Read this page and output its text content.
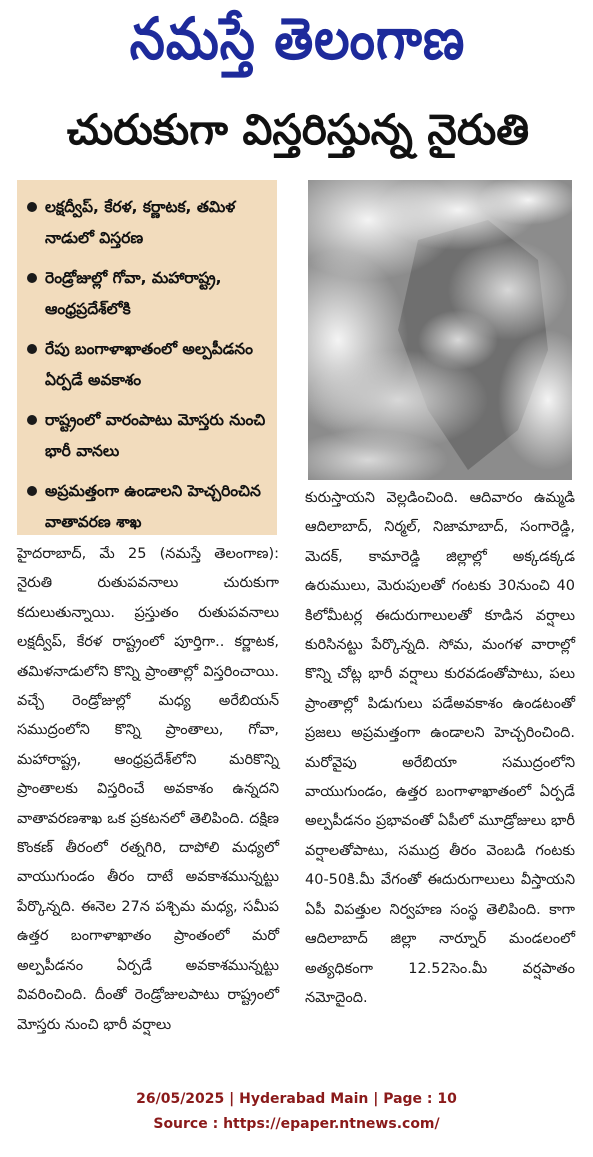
నమస్తే తెలంగాణ
చురుకుగా విస్తరిస్తున్న నైరుతి
లక్షద్వీప్, కేరళ, కర్ణాటక, తమిళ నాడులో విస్తరణ
రెండ్రోజుల్లో గోవా, మహారాష్ట్ర, ఆంధ్రప్రదేశ్‌లోకి
రేపు బంగాళాఖాతంలో అల్పపీడనం ఏర్పడే అవకాశం
రాష్ట్రంలో వారంపాటు మోస్తరు నుంచి భారీ వానలు
అప్రమత్తంగా ఉండాలని హెచ్చరించిన వాతావరణ శాఖ
హైదరాబాద్, మే 25 (నమస్తే తెలంగాణ): నైరుతి రుతుపవనాలు చురుకుగా కదులుతున్నాయి. ప్రస్తుతం రుతుపవనాలు లక్షద్వీప్, కేరళ రాష్ట్రంలో పూర్తిగా.. కర్ణాటక, తమిళనాడులోని కొన్ని ప్రాంతాల్లో విస్తరించాయి. వచ్చే రెండ్రోజుల్లో మధ్య అరేబియన్ సముద్రంలోని కొన్ని ప్రాంతాలు, గోవా, మహారాష్ట్ర, ఆంధ్రప్రదేశ్‌లోని మరికొన్ని ప్రాంతాలకు విస్తరించే అవకాశం ఉన్నదని వాతావరణశాఖ ఒక ప్రకటనలో తెలిపింది. దక్షిణ కొంకణ్ తీరంలో రత్నగిరి, దాపోలి మధ్యలో వాయుగుండం తీరం దాటే అవకాశమున్నట్టు పేర్కొన్నది. ఈనెల 27న పశ్చిమ మధ్య, సమీప ఉత్తర బంగాళాఖాతం ప్రాంతంలో మరో అల్పపీడనం ఏర్పడే అవకాశమున్నట్టు వివరించింది. దీంతో రెండ్రోజులపాటు రాష్ట్రంలో మోస్తరు నుంచి భారీ వర్షాలు
కురుస్తాయని వెల్లడించింది. ఆదివారం ఉమ్మడి ఆదిలాబాద్, నిర్మల్, నిజామాబాద్, సంగారెడ్డి, మెదక్, కామారెడ్డి జిల్లాల్లో అక్కడక్కడ ఉరుములు, మెరుపులతో గంటకు 30నుంచి 40 కిలోమీటర్ల ఈదురుగాలులతో కూడిన వర్షాలు కురిసినట్టు పేర్కొన్నది. సోమ, మంగళ వారాల్లో కొన్ని చోట్ల భారీ వర్షాలు కురవడంతోపాటు, పలు ప్రాంతాల్లో పిడుగులు పడేఅవకాశం ఉండటంతో ప్రజలు అప్రమత్తంగా ఉండాలని హెచ్చరించింది. మరోవైపు అరేబియా సముద్రంలోని వాయుగుండం, ఉత్తర బంగాళాఖాతంలో ఏర్పడే అల్పపీడనం ప్రభావంతో ఏపీలో మూడ్రోజులు భారీ వర్షాలతోపాటు, సముద్ర తీరం వెంబడి గంటకు 40-50కి.మీ వేగంతో ఈదురుగాలులు వీస్తాయని ఏపీ విపత్తుల నిర్వహణ సంస్థ తెలిపింది. కాగా ఆదిలాబాద్ జిల్లా నార్నూర్ మండలంలో అత్యధికంగా 12.52సెం.మీ వర్షపాతం నమోదైంది.
26/05/2025 | Hyderabad Main | Page : 10
Source : https://epaper.ntnews.com/
